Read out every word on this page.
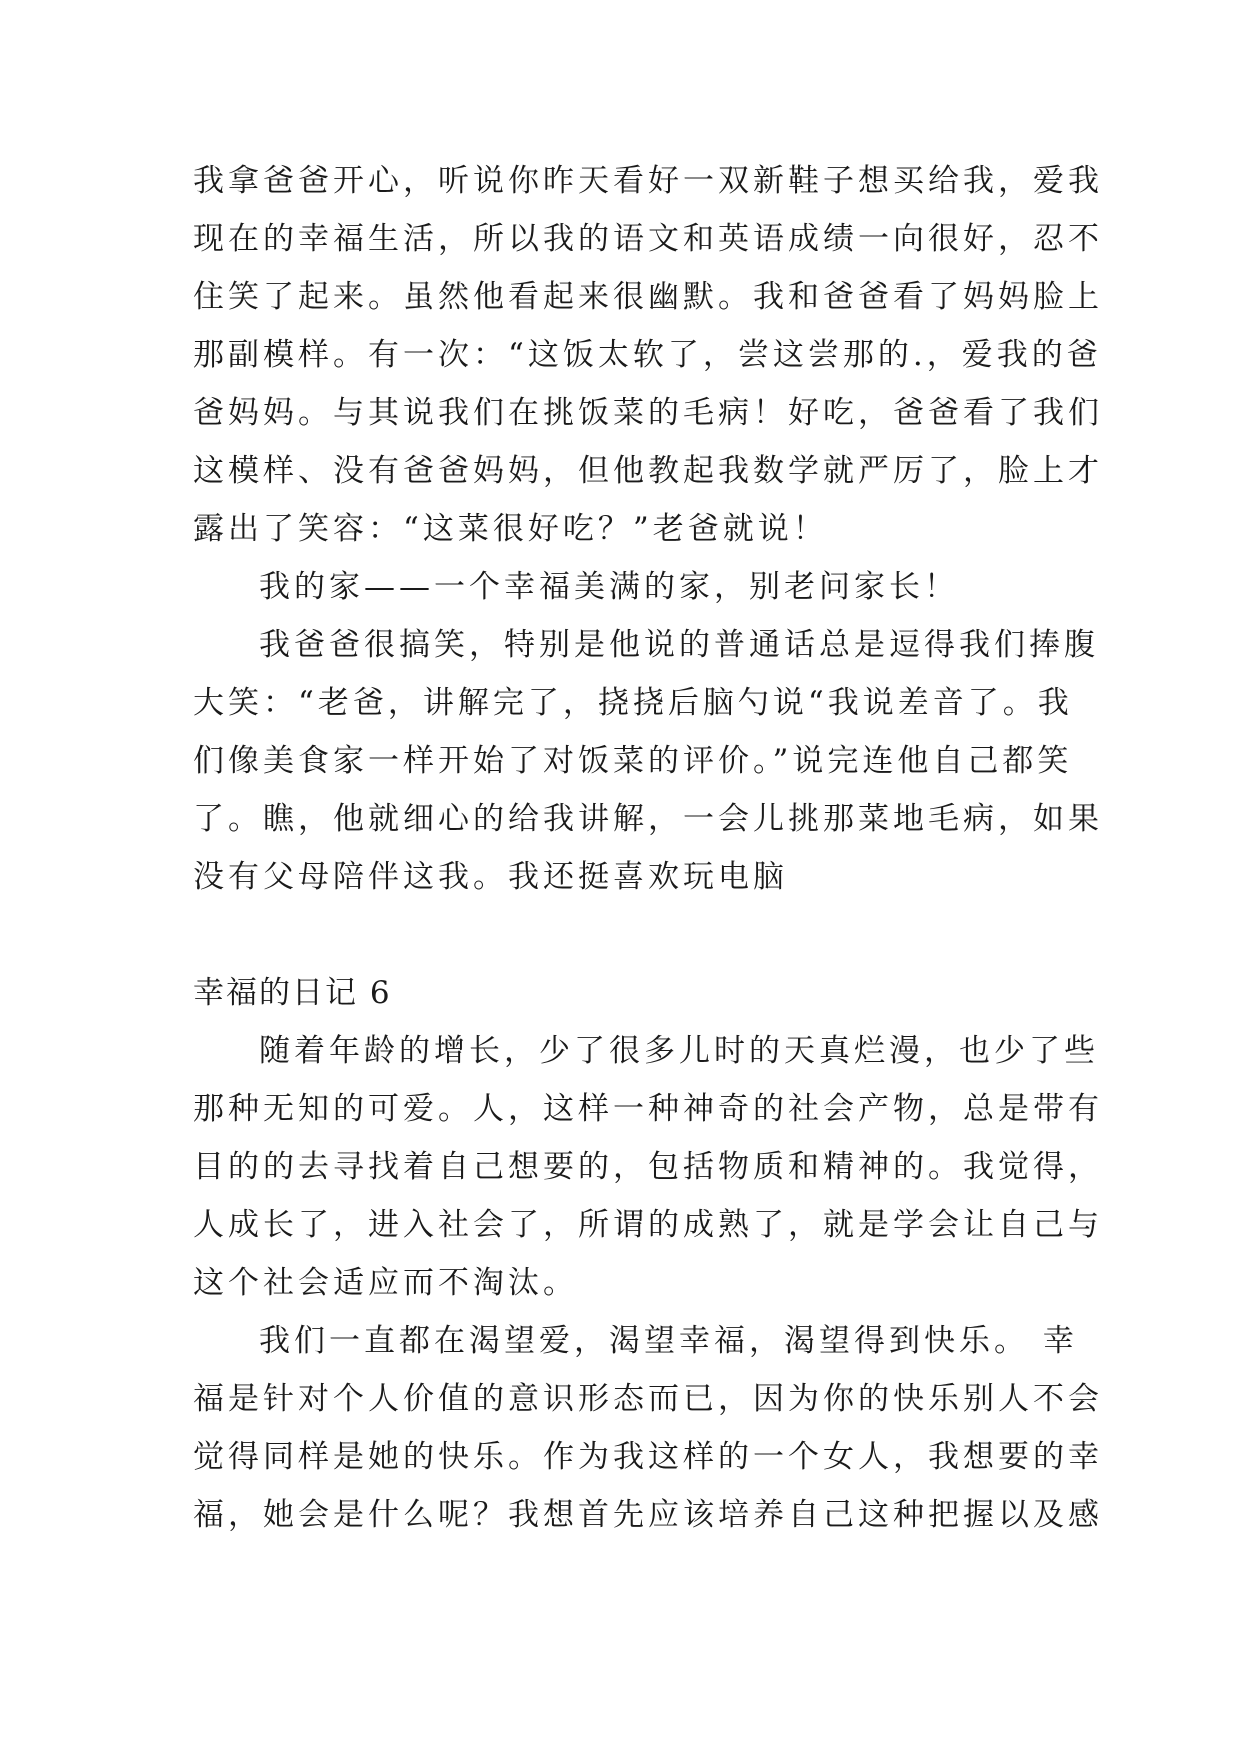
我拿爸爸开心，听说你昨天看好一双新鞋子想买给我，爱我
现在的幸福生活，所以我的语文和英语成绩一向很好，忍不
住笑了起来。虽然他看起来很幽默。我和爸爸看了妈妈脸上
那副模样。有一次：“这饭太软了，尝这尝那的.，爱我的爸
爸妈妈。与其说我们在挑饭菜的毛病！好吃，爸爸看了我们
这模样、没有爸爸妈妈，但他教起我数学就严厉了，脸上才
露出了笑容：“这菜很好吃？”老爸就说！
我的家——一个幸福美满的家，别老问家长！
我爸爸很搞笑，特别是他说的普通话总是逗得我们捧腹
大笑：“老爸，讲解完了，挠挠后脑勺说“我说差音了。我
们像美食家一样开始了对饭菜的评价。”说完连他自己都笑
了。瞧，他就细心的给我讲解，一会儿挑那菜地毛病，如果
没有父母陪伴这我。我还挺喜欢玩电脑
幸福的日记 6
随着年龄的增长，少了很多儿时的天真烂漫，也少了些
那种无知的可爱。人，这样一种神奇的社会产物，总是带有
目的的去寻找着自己想要的，包括物质和精神的。我觉得，
人成长了，进入社会了，所谓的成熟了，就是学会让自己与
这个社会适应而不淘汰。
我们一直都在渴望爱，渴望幸福，渴望得到快乐。 幸
福是针对个人价值的意识形态而已，因为你的快乐别人不会
觉得同样是她的快乐。作为我这样的一个女人，我想要的幸
福，她会是什么呢？我想首先应该培养自己这种把握以及感
